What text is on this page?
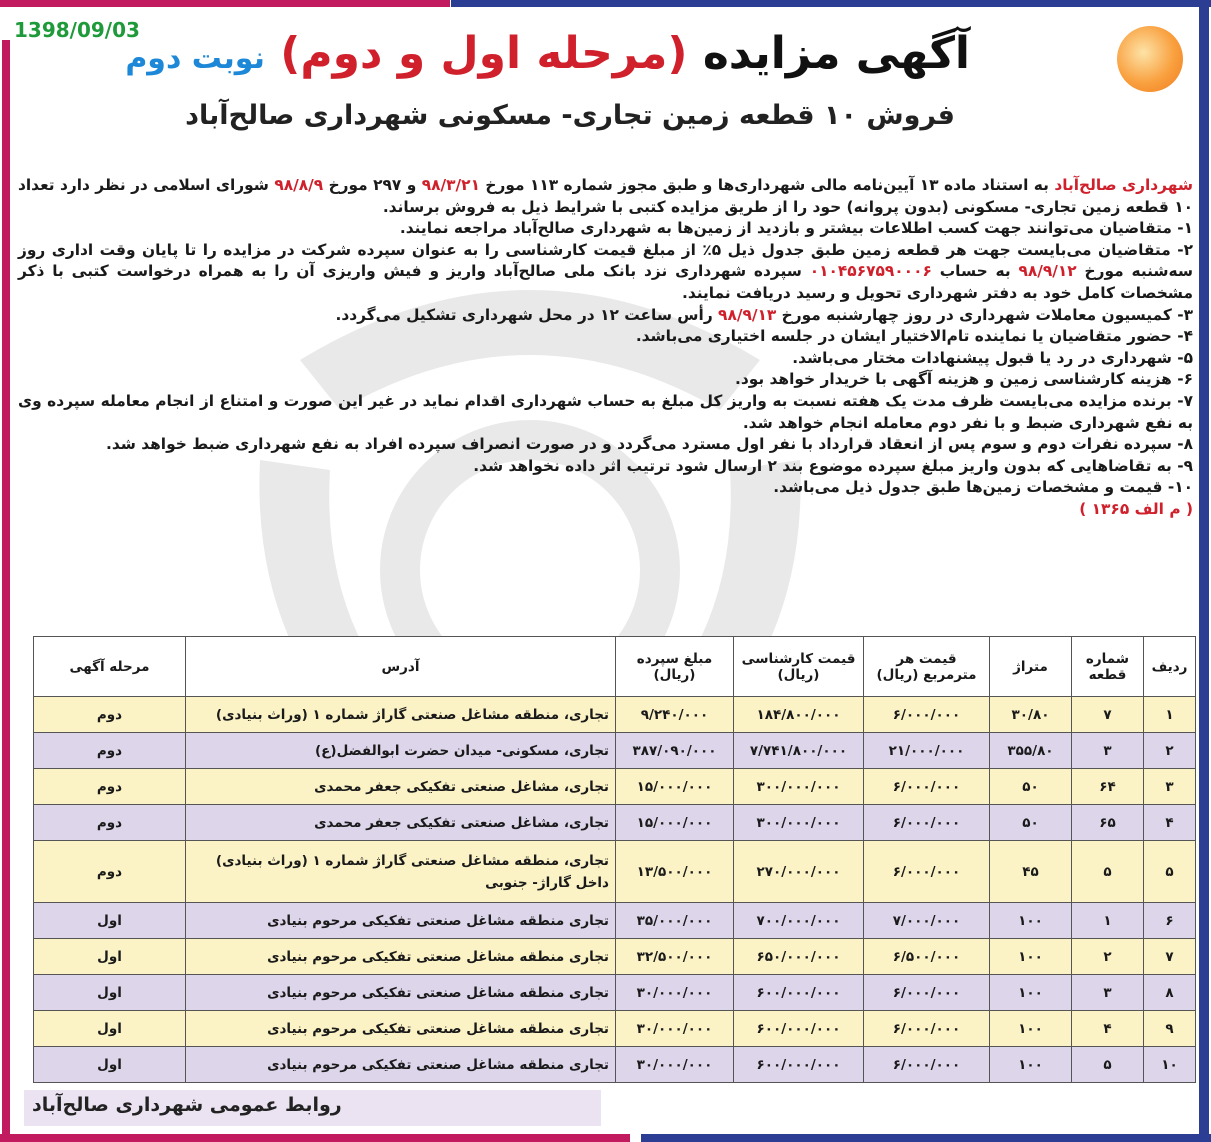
1398/09/03	آگهی مزایده (مرحله اول و دوم) نوبت دوم
فروش ۱۰ قطعه زمین تجاری- مسکونی شهرداری صالح‌آباد

شهرداری صالح‌آباد به استناد ماده ۱۳ آیین‌نامه مالی شهرداری‌ها و طبق مجوز شماره ۱۱۳ مورخ ۹۸/۳/۲۱ و ۲۹۷ مورخ ۹۸/۸/۹ شورای اسلامی در نظر دارد تعداد ۱۰ قطعه زمین تجاری- مسکونی (بدون پروانه) حود را از طریق مزایده کتبی با شرایط ذیل به فروش برساند.

۱- متقاضیان می‌توانند جهت کسب اطلاعات بیشتر و بازدید از زمین‌ها به شهرداری صالح‌آباد مراجعه نمایند.

۲- متقاضیان می‌بایست جهت هر قطعه زمین طبق جدول ذیل ۵٪ از مبلغ قیمت کارشناسی را به عنوان سپرده شرکت در مزایده را تا پایان وقت اداری روز سه‌شنبه مورخ ۹۸/۹/۱۲ به حساب ۰۱۰۴۵۶۷۵۹۰۰۰۶ سپرده شهرداری نزد بانک ملی صالح‌آباد واریز و فیش واریزی آن را به همراه درخواست کتبی با ذکر مشخصات کامل خود به دفتر شهرداری تحویل و رسید دریافت نمایند.

۳- کمیسیون معاملات شهرداری در روز چهارشنبه مورخ ۹۸/۹/۱۳ رأس ساعت ۱۲ در محل شهرداری تشکیل می‌گردد.

۴- حضور متقاضیان یا نماینده تام‌الاختیار ایشان در جلسه اختیاری می‌باشد.

۵- شهرداری در رد یا قبول پیشنهادات مختار می‌باشد.

۶- هزینه کارشناسی زمین و هزینه آگهی با خریدار خواهد بود.

۷- برنده مزایده می‌بایست ظرف مدت یک هفته نسبت به واریز کل مبلغ به حساب شهرداری اقدام نماید در غیر این صورت و امتناع از انجام معامله سپرده وی به نفع شهرداری ضبط و با نفر دوم معامله انجام خواهد شد.

۸- سپرده نفرات دوم و سوم پس از انعقاد قرارداد با نفر اول مسترد می‌گردد و در صورت انصراف سپرده افراد به نفع شهرداری ضبط خواهد شد.

۹- به تقاضاهایی که بدون واریز مبلغ سپرده موضوع بند ۲ ارسال شود ترتیب اثر داده نخواهد شد.

۱۰- قیمت و مشخصات زمین‌ها طبق جدول ذیل می‌باشد.

( م الف ۱۳۶۵ )

ردیف	شماره قطعه	متراژ	قیمت هر مترمربع (ریال)	قیمت کارشناسی (ریال)	مبلغ سپرده (ریال)	آدرس	مرحله آگهی
۱	۷	۳۰/۸۰	۶/۰۰۰/۰۰۰	۱۸۴/۸۰۰/۰۰۰	۹/۲۴۰/۰۰۰	تجاری، منطقه مشاغل صنعتی گاراژ شماره ۱ (وراث بنیادی)	دوم
۲	۳	۳۵۵/۸۰	۲۱/۰۰۰/۰۰۰	۷/۷۴۱/۸۰۰/۰۰۰	۳۸۷/۰۹۰/۰۰۰	تجاری، مسکونی- میدان حضرت ابوالفضل(ع)	دوم
۳	۶۴	۵۰	۶/۰۰۰/۰۰۰	۳۰۰/۰۰۰/۰۰۰	۱۵/۰۰۰/۰۰۰	تجاری، مشاغل صنعتی تفکیکی جعفر محمدی	دوم
۴	۶۵	۵۰	۶/۰۰۰/۰۰۰	۳۰۰/۰۰۰/۰۰۰	۱۵/۰۰۰/۰۰۰	تجاری، مشاغل صنعتی تفکیکی جعفر محمدی	دوم
۵	۵	۴۵	۶/۰۰۰/۰۰۰	۲۷۰/۰۰۰/۰۰۰	۱۳/۵۰۰/۰۰۰	تجاری، منطقه مشاغل صنعتی گاراژ شماره ۱ (وراث بنیادی) داخل گاراژ- جنوبی	دوم
۶	۱	۱۰۰	۷/۰۰۰/۰۰۰	۷۰۰/۰۰۰/۰۰۰	۳۵/۰۰۰/۰۰۰	تجاری منطقه مشاغل صنعتی تفکیکی مرحوم بنیادی	اول
۷	۲	۱۰۰	۶/۵۰۰/۰۰۰	۶۵۰/۰۰۰/۰۰۰	۳۲/۵۰۰/۰۰۰	تجاری منطقه مشاغل صنعتی تفکیکی مرحوم بنیادی	اول
۸	۳	۱۰۰	۶/۰۰۰/۰۰۰	۶۰۰/۰۰۰/۰۰۰	۳۰/۰۰۰/۰۰۰	تجاری منطقه مشاغل صنعتی تفکیکی مرحوم بنیادی	اول
۹	۴	۱۰۰	۶/۰۰۰/۰۰۰	۶۰۰/۰۰۰/۰۰۰	۳۰/۰۰۰/۰۰۰	تجاری منطقه مشاغل صنعتی تفکیکی مرحوم بنیادی	اول
۱۰	۵	۱۰۰	۶/۰۰۰/۰۰۰	۶۰۰/۰۰۰/۰۰۰	۳۰/۰۰۰/۰۰۰	تجاری منطقه مشاغل صنعتی تفکیکی مرحوم بنیادی	اول
روابط عمومی شهرداری صالح‌آباد
